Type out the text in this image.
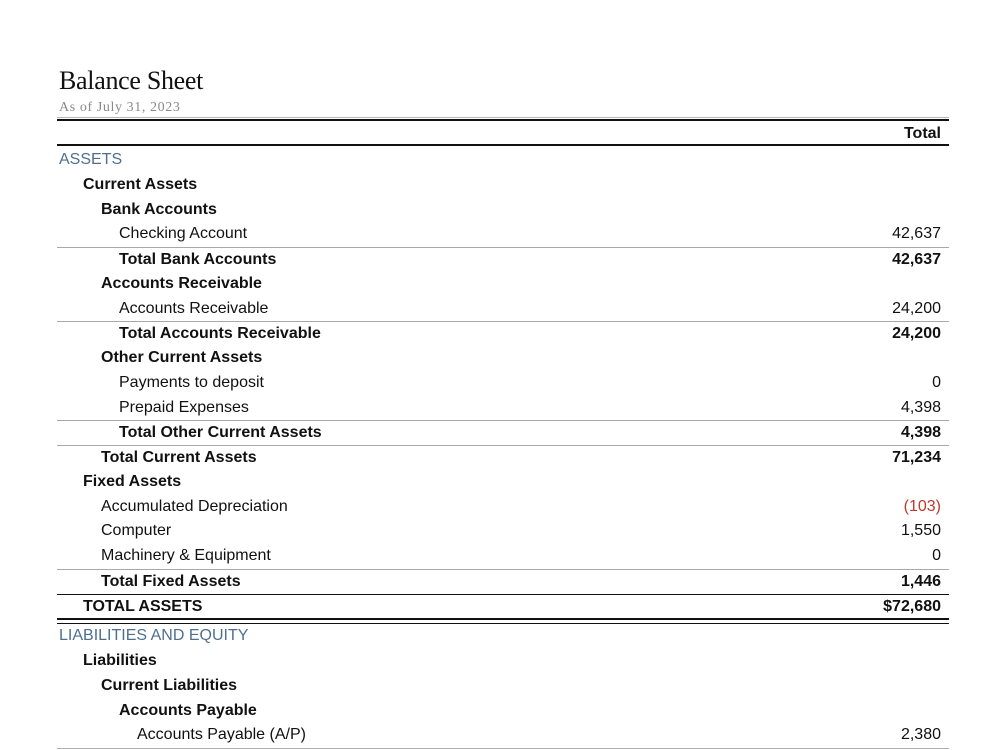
Balance Sheet
As of July 31, 2023
Total
ASSETS
Current Assets
Bank Accounts
Checking Account	42,637
Total Bank Accounts	42,637
Accounts Receivable
Accounts Receivable	24,200
Total Accounts Receivable	24,200
Other Current Assets
Payments to deposit	0
Prepaid Expenses	4,398
Total Other Current Assets	4,398
Total Current Assets	71,234
Fixed Assets
Accumulated Depreciation	(103)
Computer	1,550
Machinery & Equipment	0
Total Fixed Assets	1,446
TOTAL ASSETS	$72,680
LIABILITIES AND EQUITY
Liabilities
Current Liabilities
Accounts Payable
Accounts Payable (A/P)	2,380
